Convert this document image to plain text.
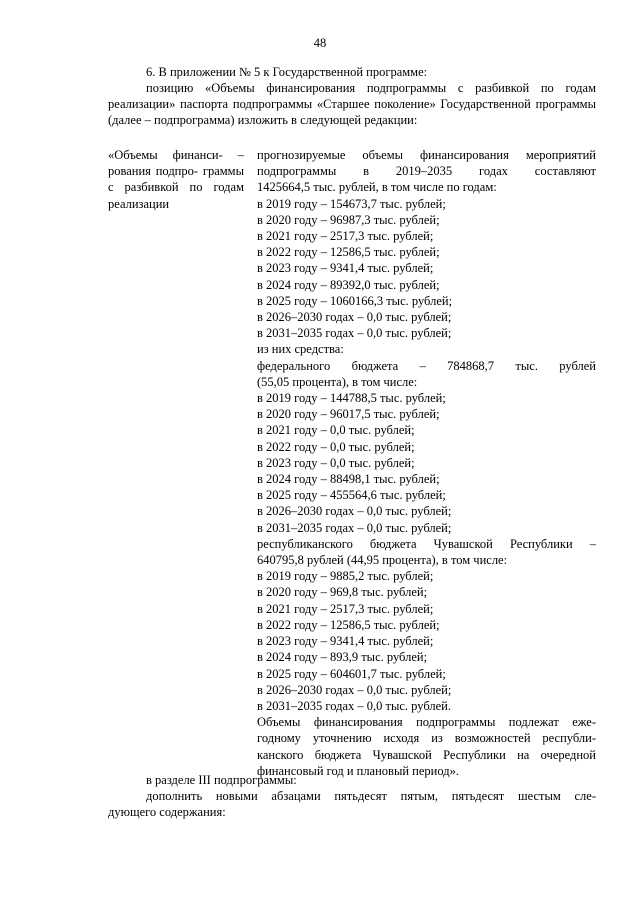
48

6. В приложении № 5 к Государственной программе:

позицию «Объемы финансирования подпрограммы с разбивкой по годам реализации» паспорта подпрограммы «Старшее поколение» Государственной программы (далее – подпрограмма) изложить в следующей редакции:

«Объемы финанси- – рования подпро- граммы с разбивкой по годам реализации
прогнозируемые объемы финансирования мероприятий
подпрограммы в 2019–2035 годах составляют
1425664,5 тыс. рублей, в том числе по годам:
в 2019 году – 154673,7 тыс. рублей;
в 2020 году – 96987,3 тыс. рублей;
в 2021 году – 2517,3 тыс. рублей;
в 2022 году – 12586,5 тыс. рублей;
в 2023 году – 9341,4 тыс. рублей;
в 2024 году – 89392,0 тыс. рублей;
в 2025 году – 1060166,3 тыс. рублей;
в 2026–2030 годах – 0,0 тыс. рублей;
в 2031–2035 годах – 0,0 тыс. рублей;
из них средства:
федерального бюджета – 784868,7 тыс. рублей
(55,05 процента), в том числе:
в 2019 году – 144788,5 тыс. рублей;
в 2020 году – 96017,5 тыс. рублей;
в 2021 году – 0,0 тыс. рублей;
в 2022 году – 0,0 тыс. рублей;
в 2023 году – 0,0 тыс. рублей;
в 2024 году – 88498,1 тыс. рублей;
в 2025 году – 455564,6 тыс. рублей;
в 2026–2030 годах – 0,0 тыс. рублей;
в 2031–2035 годах – 0,0 тыс. рублей;
республиканского бюджета Чувашской Республики –
640795,8 рублей (44,95 процента), в том числе:
в 2019 году – 9885,2 тыс. рублей;
в 2020 году – 969,8 тыс. рублей;
в 2021 году – 2517,3 тыс. рублей;
в 2022 году – 12586,5 тыс. рублей;
в 2023 году – 9341,4 тыс. рублей;
в 2024 году – 893,9 тыс. рублей;
в 2025 году – 604601,7 тыс. рублей;
в 2026–2030 годах – 0,0 тыс. рублей;
в 2031–2035 годах – 0,0 тыс. рублей.
Объемы финансирования подпрограммы подлежат еже-
годному уточнению исходя из возможностей республи-
канского бюджета Чувашской Республики на очередной
финансовый год и плановый период».

в разделе III подпрограммы:

дополнить новыми абзацами пятьдесят пятым, пятьдесят шестым сле-

дующего содержания:
